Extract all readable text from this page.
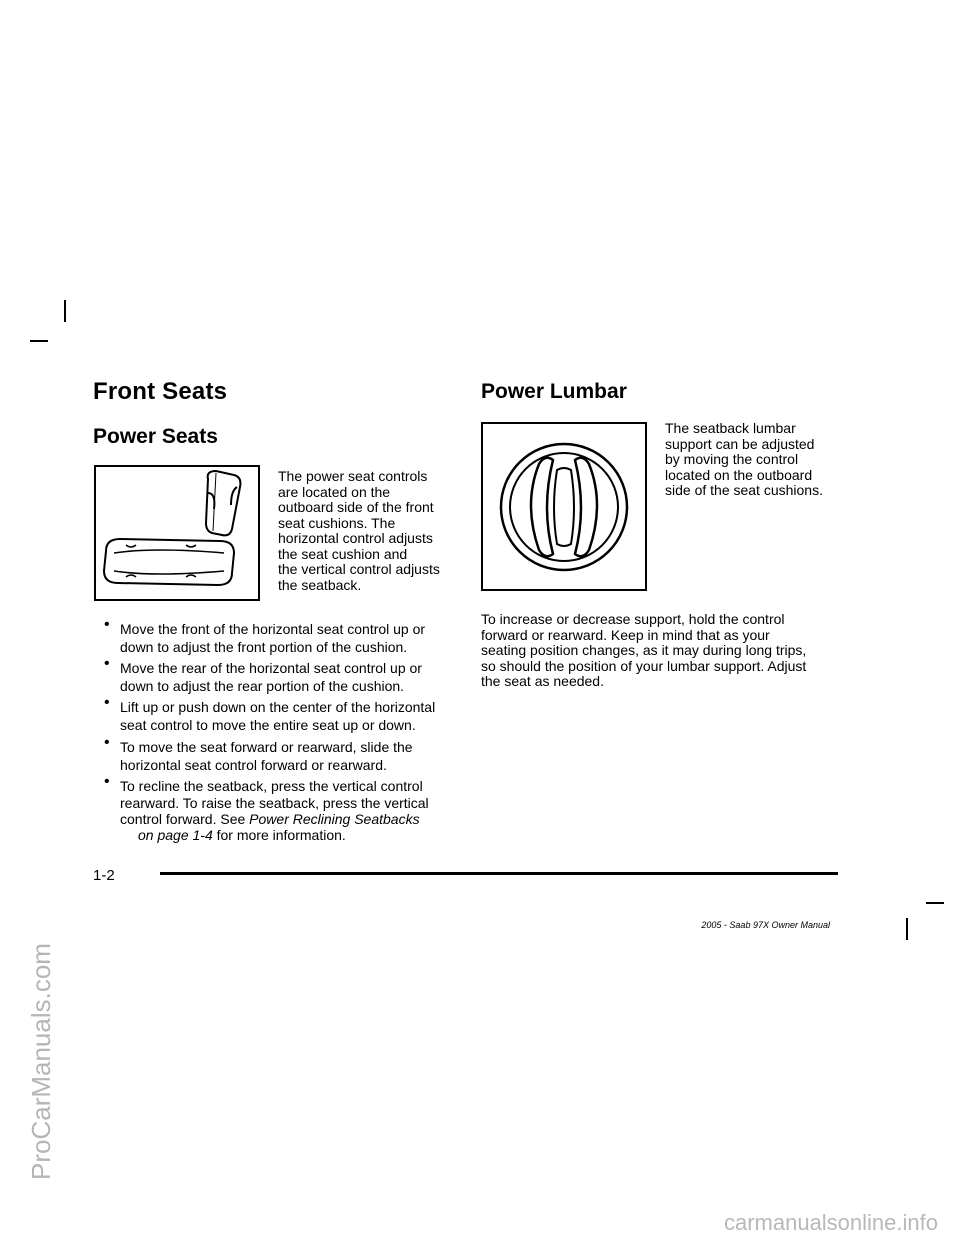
ProCarManuals.com
Front Seats
Power Seats
The power seat controls
are located on the
outboard side of the front
seat cushions. The
horizontal control adjusts
the seat cushion and
the vertical control adjusts
the seatback.
• Move the front of the horizontal seat control up or
down to adjust the front portion of the cushion.
• Move the rear of the horizontal seat control up or
down to adjust the rear portion of the cushion.
• Lift up or push down on the center of the horizontal
seat control to move the entire seat up or down.
• To move the seat forward or rearward, slide the
horizontal seat control forward or rearward.
• To recline the seatback, press the vertical control
rearward. To raise the seatback, press the vertical
control forward. See Power Reclining Seatbacks
on page 1-4 for more information.
Power Lumbar
The seatback lumbar
support can be adjusted
by moving the control
located on the outboard
side of the seat cushions.
To increase or decrease support, hold the control
forward or rearward. Keep in mind that as your
seating position changes, as it may during long trips,
so should the position of your lumbar support. Adjust
the seat as needed.
1-2
2005 - Saab 97X Owner Manual
carmanualsonline.info
